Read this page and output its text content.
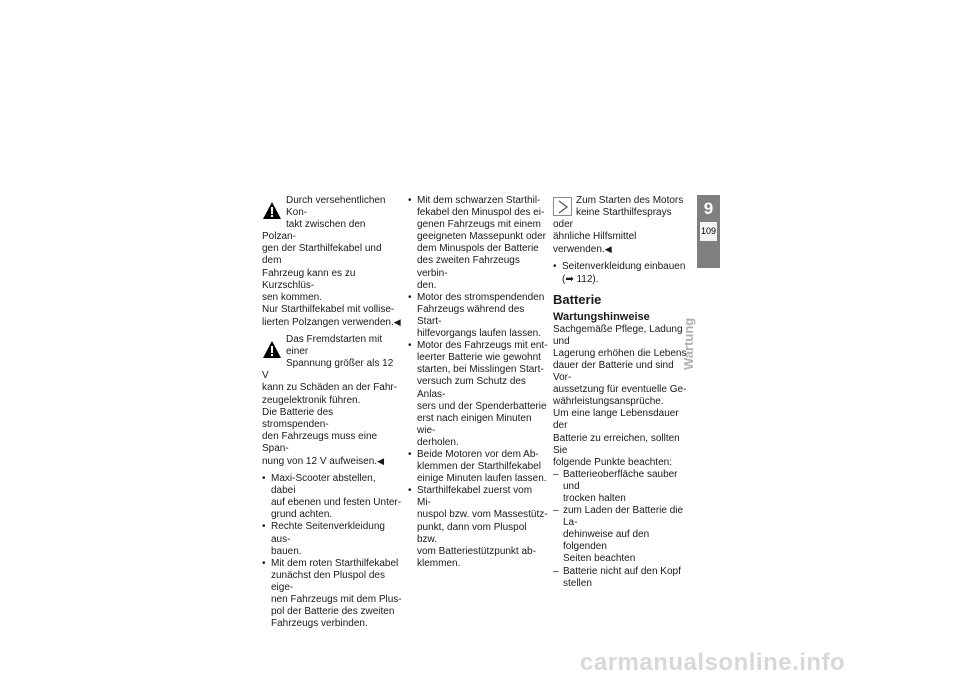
Durch versehentlichen Kon-
takt zwischen den Polzan-
gen der Starthilfekabel und dem
Fahrzeug kann es zu Kurzschlüs-
sen kommen.
Nur Starthilfekabel mit vollise-
lierten Polzangen verwenden.◀

Das Fremdstarten mit einer
Spannung größer als 12 V
kann zu Schäden an der Fahr-
zeugelektronik führen.
Die Batterie des stromspenden-
den Fahrzeugs muss eine Span-
nung von 12 V aufweisen.◀

• Maxi-Scooter abstellen, dabei
auf ebenen und festen Unter-
grund achten.
• Rechte Seitenverkleidung aus-
bauen.
• Mit dem roten Starthilfekabel
zunächst den Pluspol des eige-
nen Fahrzeugs mit dem Plus-
pol der Batterie des zweiten
Fahrzeugs verbinden.
• Mit dem schwarzen Starthil-
fekabel den Minuspol des ei-
genen Fahrzeugs mit einem
geeigneten Massepunkt oder
dem Minuspols der Batterie
des zweiten Fahrzeugs verbin-
den.
• Motor des stromspendenden
Fahrzeugs während des Start-
hilfevorgangs laufen lassen.
• Motor des Fahrzeugs mit ent-
leerter Batterie wie gewohnt
starten, bei Misslingen Start-
versuch zum Schutz des Anlas-
sers und der Spenderbatterie
erst nach einigen Minuten wie-
derholen.
• Beide Motoren vor dem Ab-
klemmen der Starthilfekabel
einige Minuten laufen lassen.
• Starthilfekabel zuerst vom Mi-
nuspol bzw. vom Massestütz-
punkt, dann vom Pluspol bzw.
vom Batteriestützpunkt ab-
klemmen.

Zum Starten des Motors
keine Starthilfesprays oder
ähnliche Hilfsmittel verwenden.◀

• Seitenverkleidung einbauen
(➡ 112).
Batterie
Wartungshinweise

Sachgemäße Pflege, Ladung und
Lagerung erhöhen die Lebens-
dauer der Batterie und sind Vor-
aussetzung für eventuelle Ge-
währleistungsansprüche.
Um eine lange Lebensdauer der
Batterie zu erreichen, sollten Sie
folgende Punkte beachten:

– Batterieoberfläche sauber und
trocken halten
– zum Laden der Batterie die La-
dehinweise auf den folgenden
Seiten beachten
– Batterie nicht auf den Kopf
stellen
9
109
Wartung
carmanualsonline.info
